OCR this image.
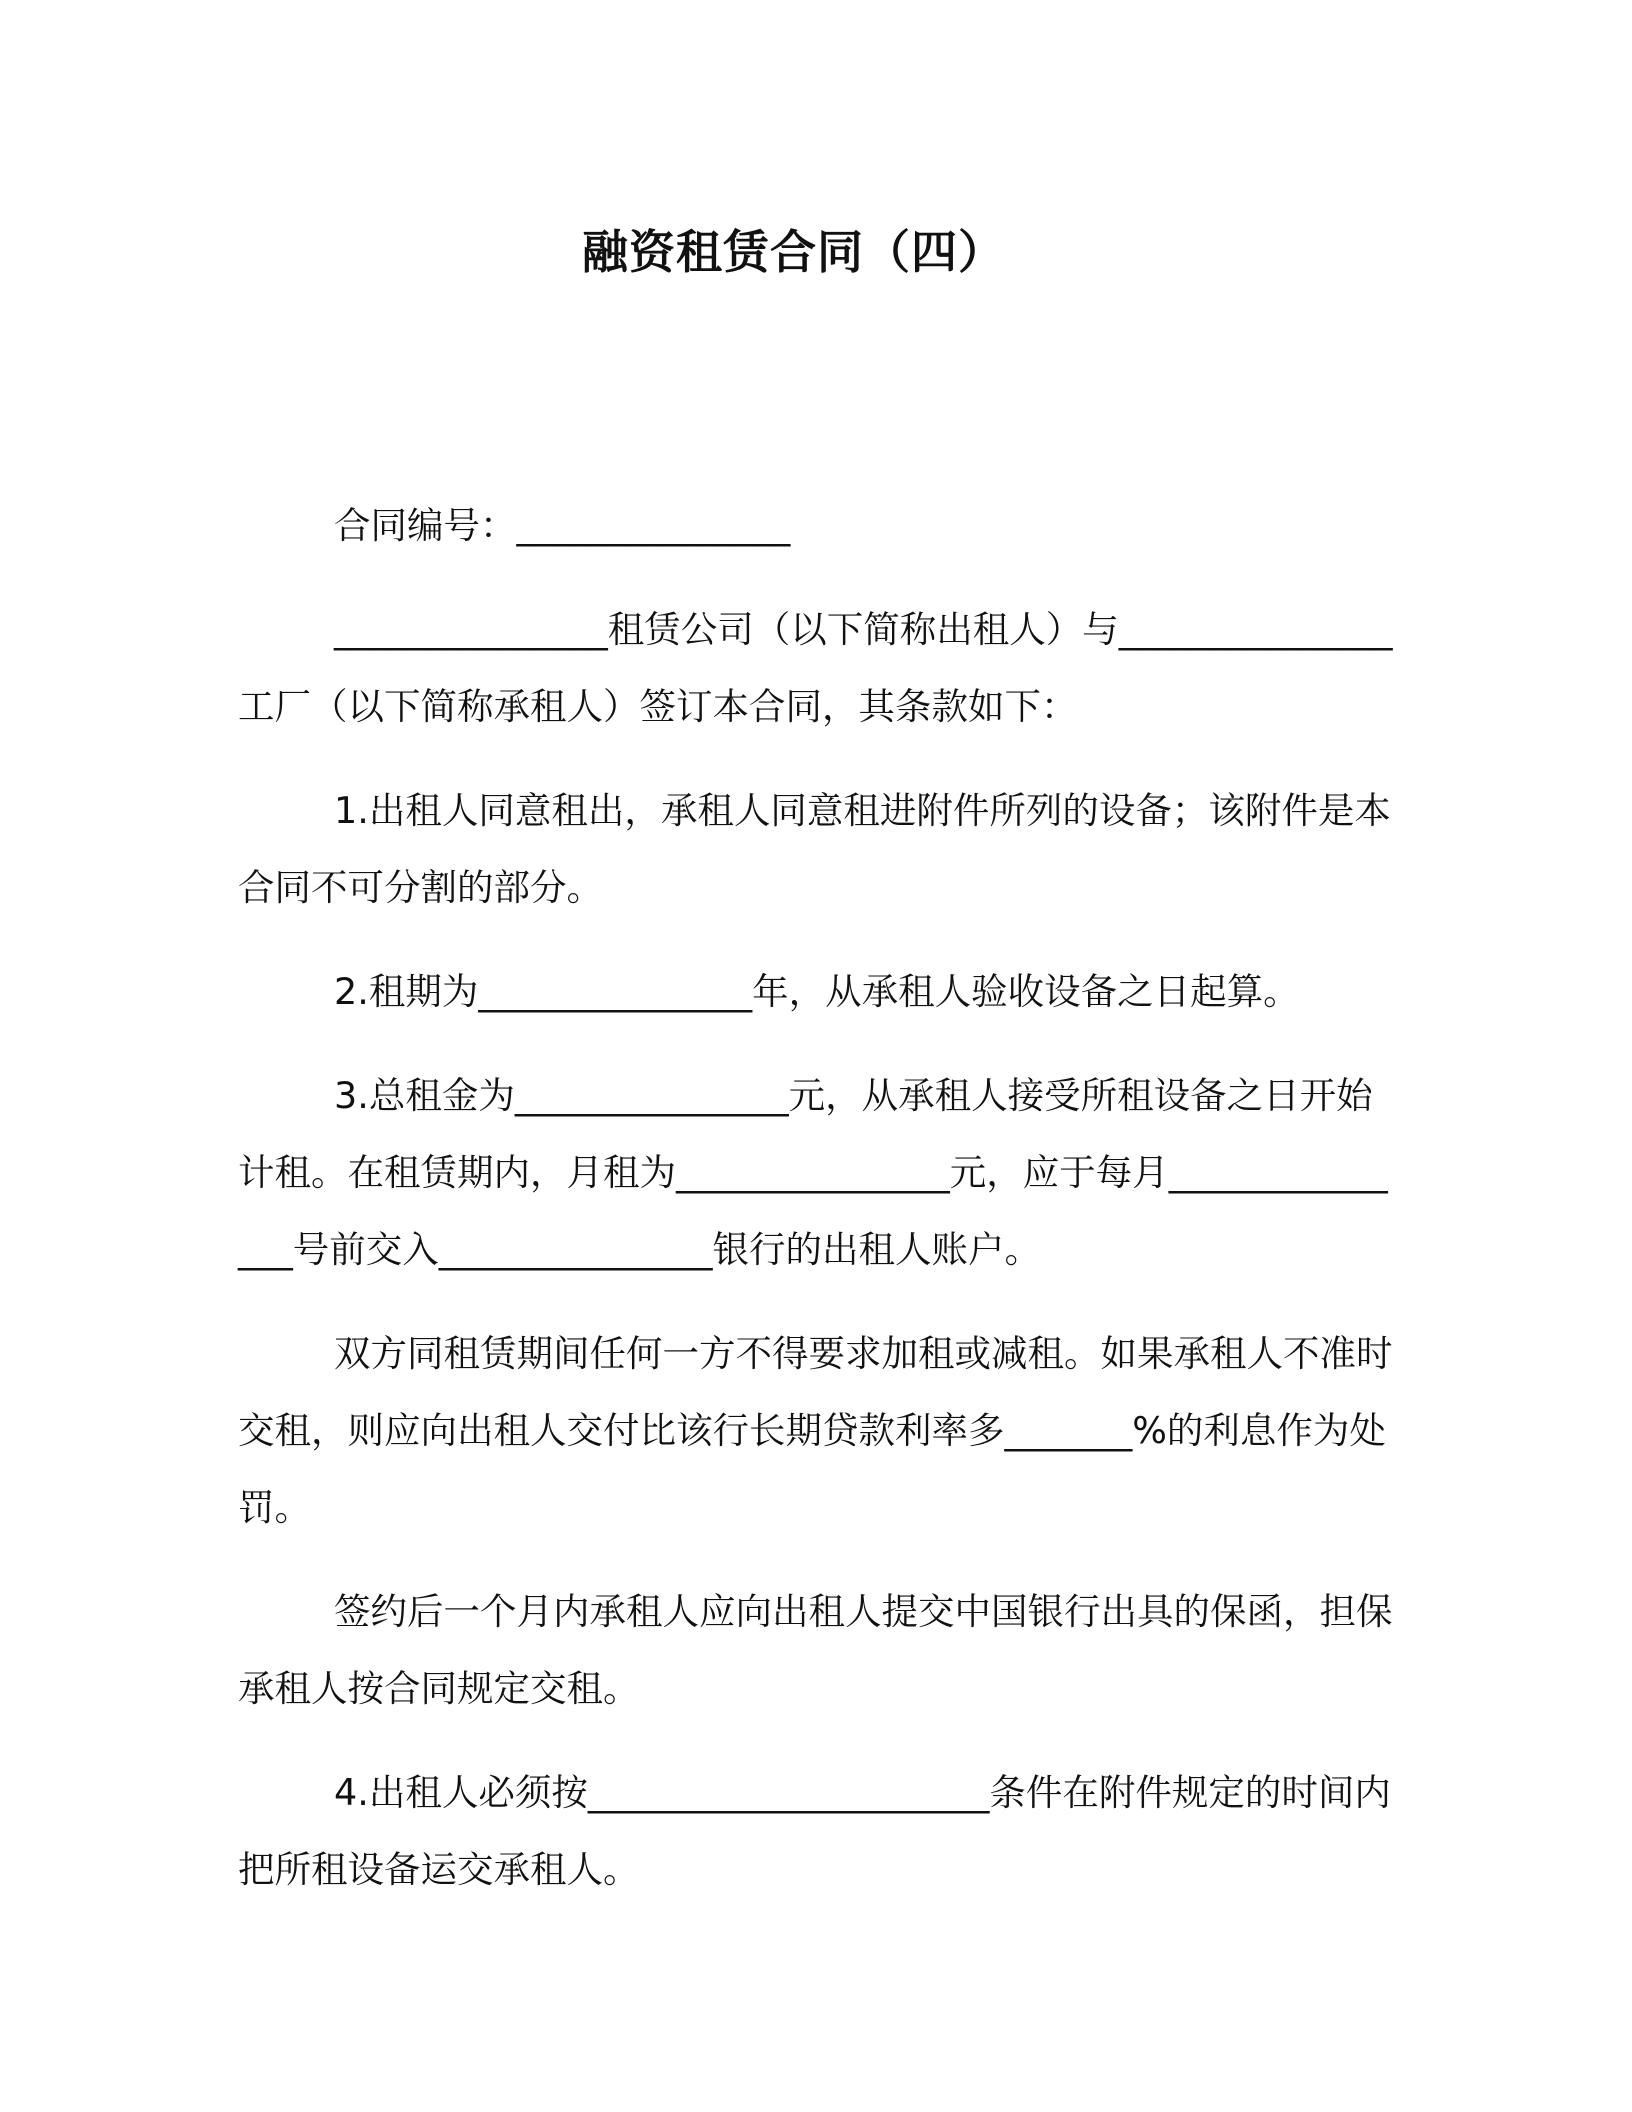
融资租赁合同（四）

合同编号：_______________

_______________租赁公司（以下简称出租人）与_______________工厂（以下简称承租人）签订本合同，其条款如下：

1.出租人同意租出，承租人同意租进附件所列的设备；该附件是本合同不可分割的部分。

2.租期为_______________年，从承租人验收设备之日起算。

3.总租金为_______________元，从承租人接受所租设备之日开始计租。在租赁期内，月租为_______________元，应于每月_______________号前交入_______________银行的出租人账户。

双方同租赁期间任何一方不得要求加租或减租。如果承租人不准时交租，则应向出租人交付比该行长期贷款利率多_______%的利息作为处罚。

签约后一个月内承租人应向出租人提交中国银行出具的保函，担保承租人按合同规定交租。

4.出租人必须按______________________条件在附件规定的时间内把所租设备运交承租人。
